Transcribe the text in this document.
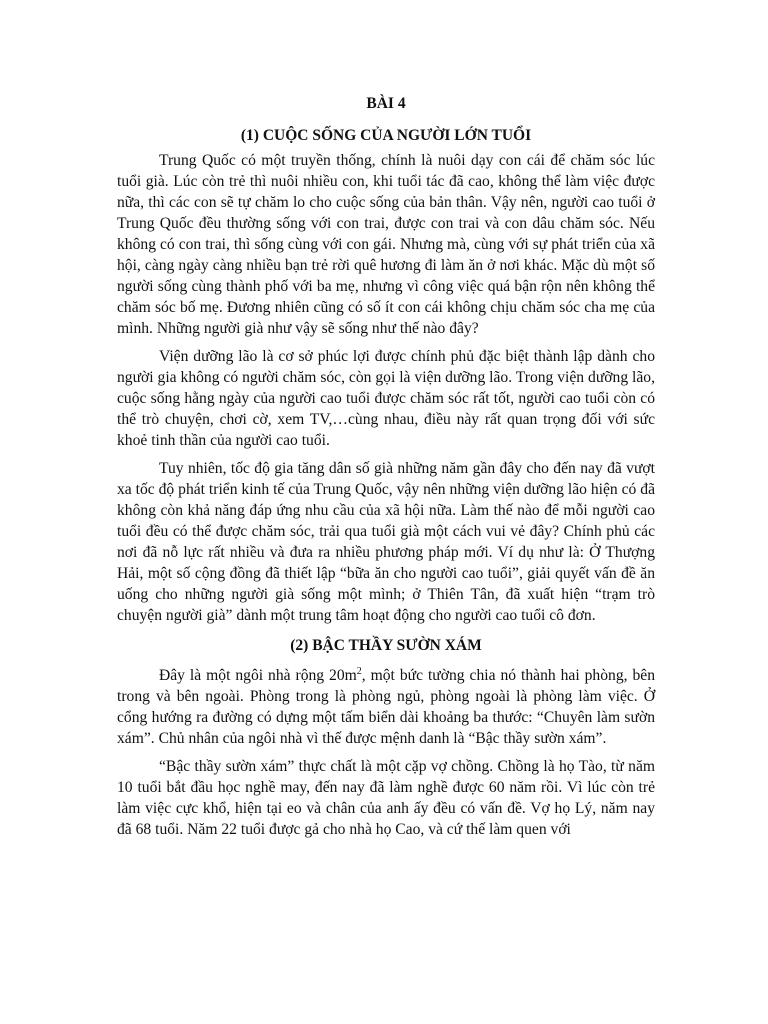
BÀI 4
(1) CUỘC SỐNG CỦA NGƯỜI LỚN TUỔI

Trung Quốc có một truyền thống, chính là nuôi dạy con cái để chăm sóc lúc tuổi già. Lúc còn trẻ thì nuôi nhiều con, khi tuổi tác đã cao, không thể làm việc được nữa, thì các con sẽ tự chăm lo cho cuộc sống của bản thân. Vậy nên, người cao tuổi ở Trung Quốc đều thường sống với con trai, được con trai và con dâu chăm sóc. Nếu không có con trai, thì sống cùng với con gái. Nhưng mà, cùng với sự phát triển của xã hội, càng ngày càng nhiều bạn trẻ rời quê hương đi làm ăn ở nơi khác. Mặc dù một số người sống cùng thành phố với ba mẹ, nhưng vì công việc quá bận rộn nên không thể chăm sóc bố mẹ. Đương nhiên cũng có số ít con cái không chịu chăm sóc cha mẹ của mình. Những người già như vậy sẽ sống như thế nào đây?

Viện dưỡng lão là cơ sở phúc lợi được chính phủ đặc biệt thành lập dành cho người gia không có người chăm sóc, còn gọi là viện dưỡng lão. Trong viện dưỡng lão, cuộc sống hằng ngày của người cao tuổi được chăm sóc rất tốt, người cao tuổi còn có thể trò chuyện, chơi cờ, xem TV,…cùng nhau, điều này rất quan trọng đối với sức khoẻ tinh thần của người cao tuổi.

Tuy nhiên, tốc độ gia tăng dân số già những năm gần đây cho đến nay đã vượt xa tốc độ phát triển kinh tế của Trung Quốc, vậy nên những viện dưỡng lão hiện có đã không còn khả năng đáp ứng nhu cầu của xã hội nữa. Làm thế nào để mỗi người cao tuổi đều có thể được chăm sóc, trải qua tuổi già một cách vui vẻ đây? Chính phủ các nơi đã nỗ lực rất nhiều và đưa ra nhiều phương pháp mới. Ví dụ như là: Ở Thượng Hải, một số cộng đồng đã thiết lập “bữa ăn cho người cao tuổi”, giải quyết vấn đề ăn uống cho những người già sống một mình; ở Thiên Tân, đã xuất hiện “trạm trò chuyện người già” dành một trung tâm hoạt động cho người cao tuổi cô đơn.

(2) BẬC THẦY SƯỜN XÁM

Đây là một ngôi nhà rộng $20m^2$, một bức tường chia nó thành hai phòng, bên trong và bên ngoài. Phòng trong là phòng ngủ, phòng ngoài là phòng làm việc. Ở cổng hướng ra đường có dựng một tấm biển dài khoảng ba thước: “Chuyên làm sườn xám”. Chủ nhân của ngôi nhà vì thế được mệnh danh là “Bậc thầy sườn xám”.

“Bậc thầy sườn xám” thực chất là một cặp vợ chồng. Chồng là họ Tào, từ năm 10 tuổi bắt đầu học nghề may, đến nay đã làm nghề được 60 năm rồi. Vì lúc còn trẻ làm việc cực khổ, hiện tại eo và chân của anh ấy đều có vấn đề. Vợ họ Lý, năm nay đã 68 tuổi. Năm 22 tuổi được gả cho nhà họ Cao, và cứ thế làm quen với
